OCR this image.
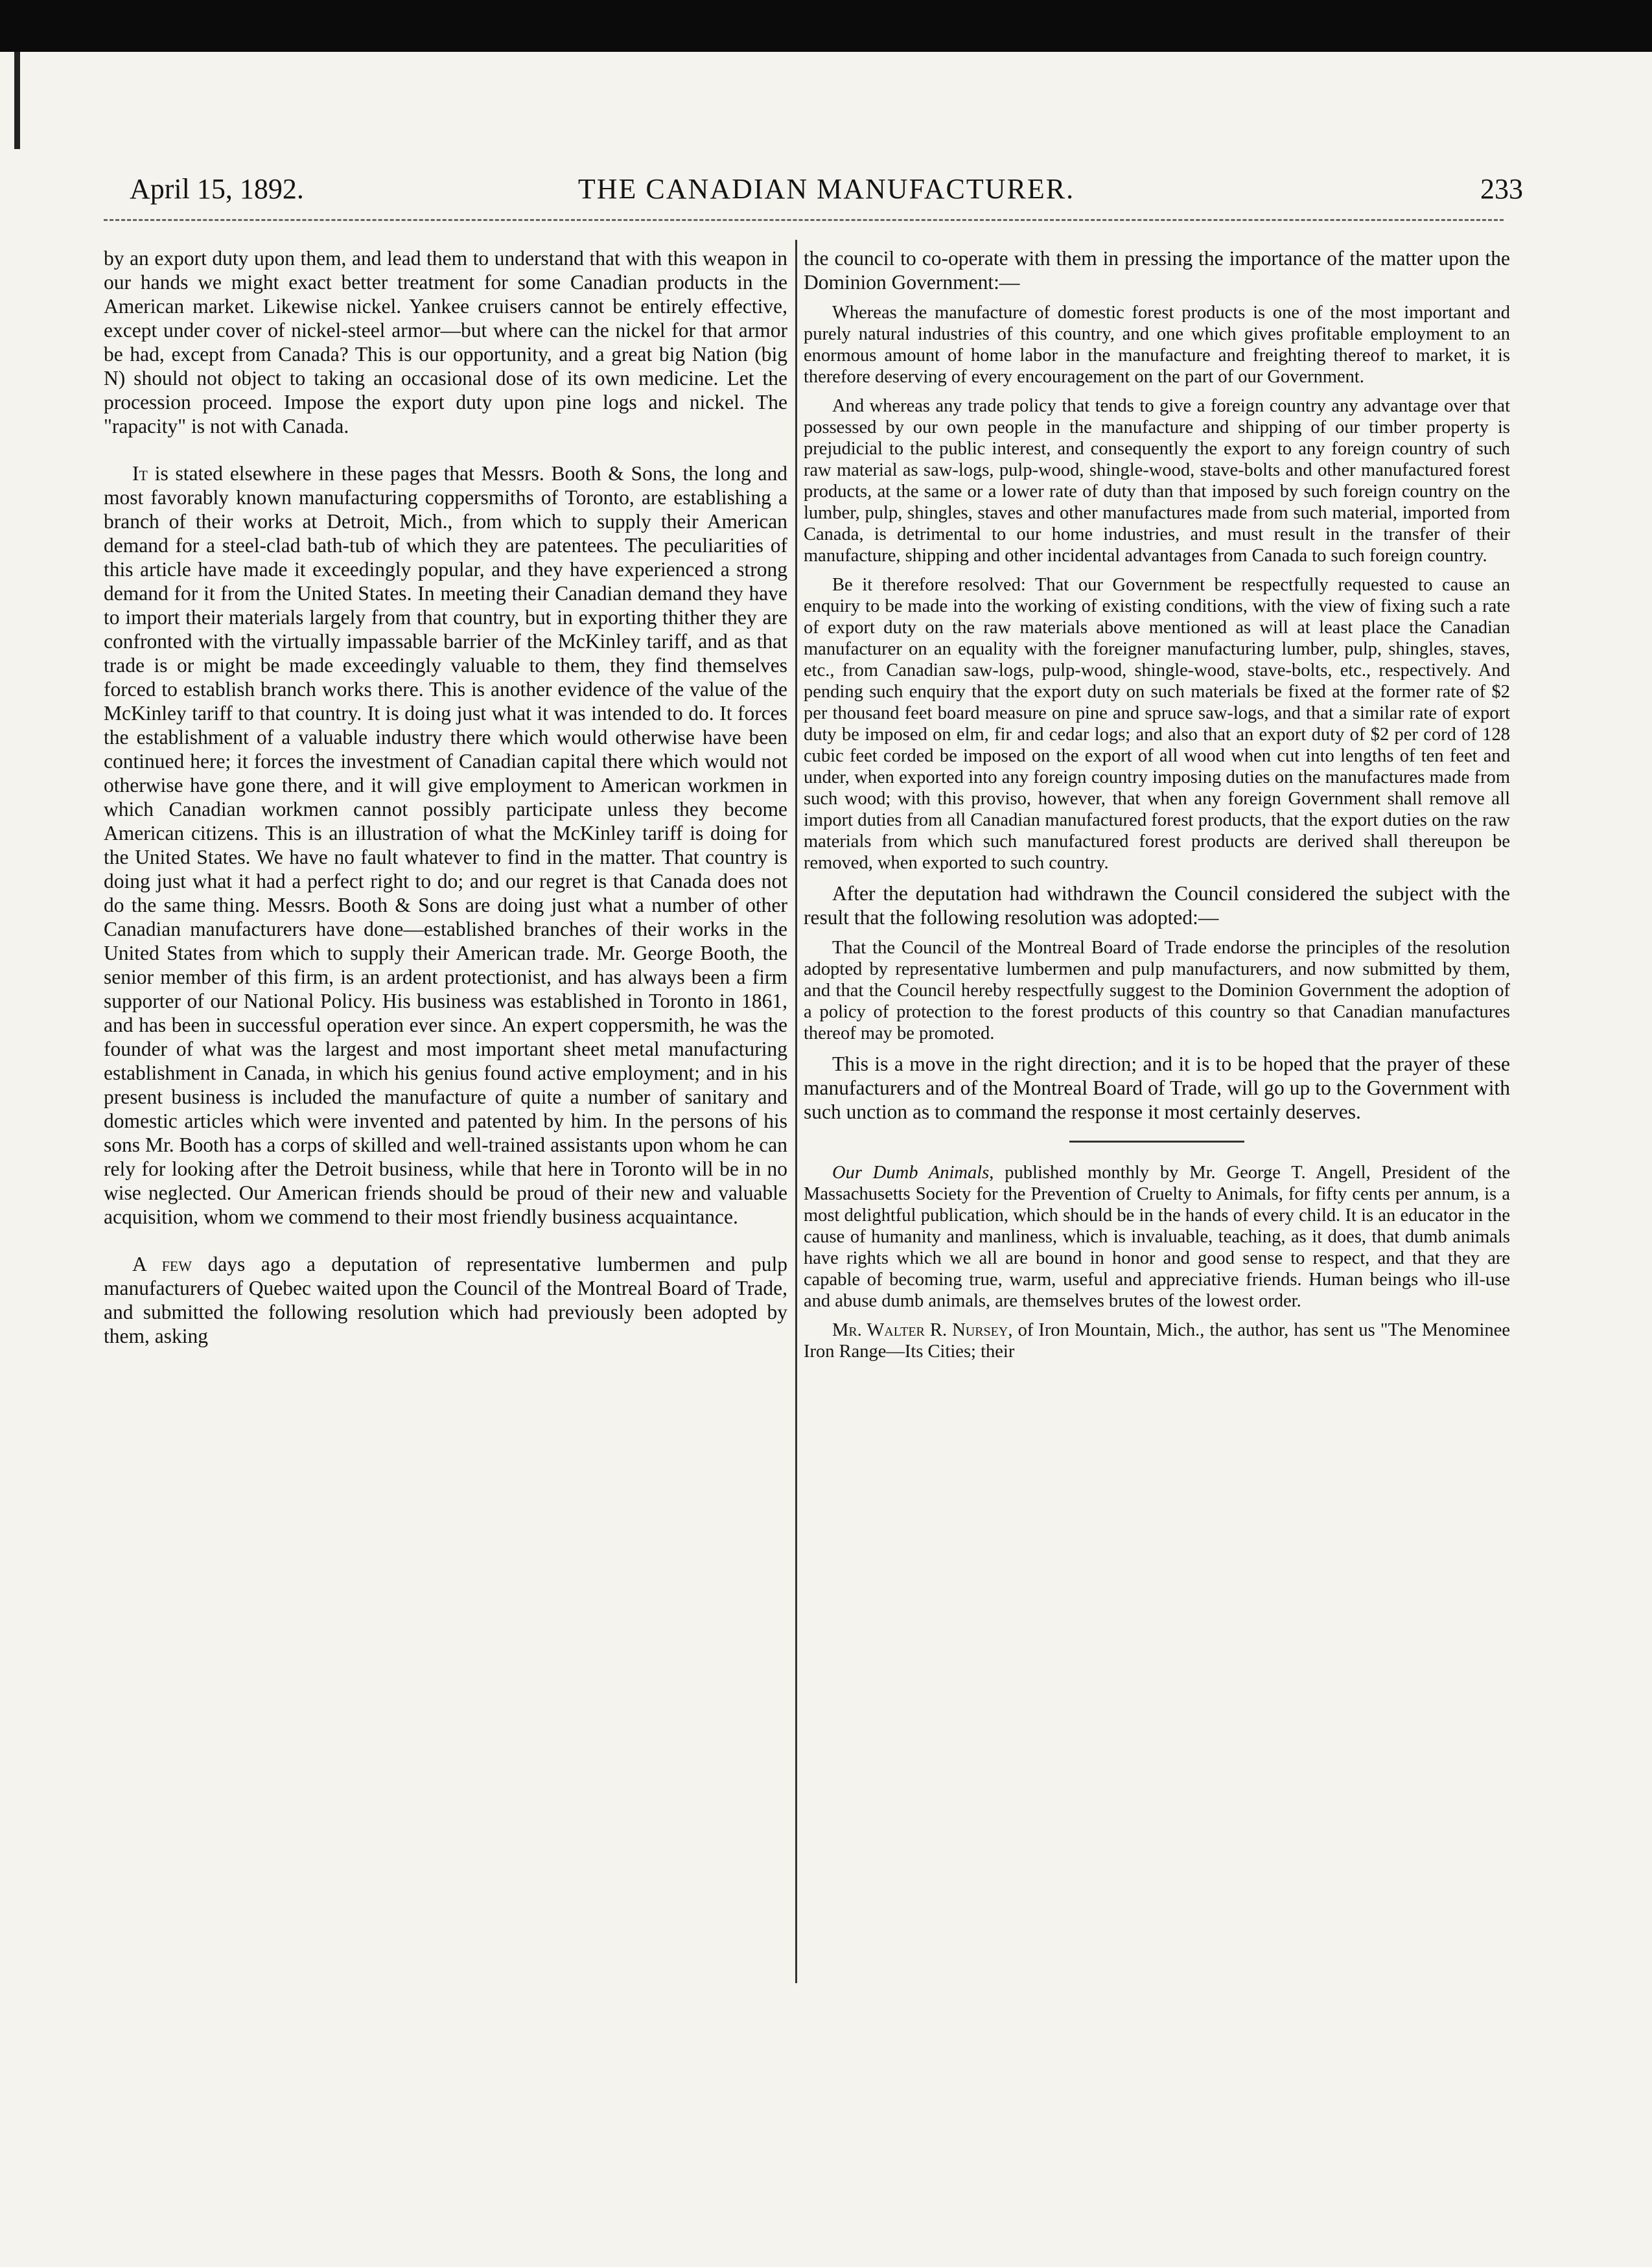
THE CANADIAN MANUFACTURER.
April 15, 1892.	233

by an export duty upon them, and lead them to understand that with this weapon in our hands we might exact better treatment for some Canadian products in the American market. Likewise nickel. Yankee cruisers cannot be entirely effective, except under cover of nickel-steel armor—but where can the nickel for that armor be had, except from Canada? This is our opportunity, and a great big Nation (big N) should not object to taking an occasional dose of its own medicine. Let the procession proceed. Impose the export duty upon pine logs and nickel. The "rapacity" is not with Canada.

It is stated elsewhere in these pages that Messrs. Booth & Sons, the long and most favorably known manufacturing coppersmiths of Toronto, are establishing a branch of their works at Detroit, Mich., from which to supply their American demand for a steel-clad bath-tub of which they are patentees. The peculiarities of this article have made it exceedingly popular, and they have experienced a strong demand for it from the United States. In meeting their Canadian demand they have to import their materials largely from that country, but in exporting thither they are confronted with the virtually impassable barrier of the McKinley tariff, and as that trade is or might be made exceedingly valuable to them, they find themselves forced to establish branch works there. This is another evidence of the value of the McKinley tariff to that country. It is doing just what it was intended to do. It forces the establishment of a valuable industry there which would otherwise have been continued here; it forces the investment of Canadian capital there which would not otherwise have gone there, and it will give employment to American workmen in which Canadian workmen cannot possibly participate unless they become American citizens. This is an illustration of what the McKinley tariff is doing for the United States. We have no fault whatever to find in the matter. That country is doing just what it had a perfect right to do; and our regret is that Canada does not do the same thing. Messrs. Booth & Sons are doing just what a number of other Canadian manufacturers have done—established branches of their works in the United States from which to supply their American trade. Mr. George Booth, the senior member of this firm, is an ardent protectionist, and has always been a firm supporter of our National Policy. His business was established in Toronto in 1861, and has been in successful operation ever since. An expert coppersmith, he was the founder of what was the largest and most important sheet metal manufacturing establishment in Canada, in which his genius found active employment; and in his present business is included the manufacture of quite a number of sanitary and domestic articles which were invented and patented by him. In the persons of his sons Mr. Booth has a corps of skilled and well-trained assistants upon whom he can rely for looking after the Detroit business, while that here in Toronto will be in no wise neglected. Our American friends should be proud of their new and valuable acquisition, whom we commend to their most friendly business acquaintance.

A few days ago a deputation of representative lumbermen and pulp manufacturers of Quebec waited upon the Council of the Montreal Board of Trade, and submitted the following resolution which had previously been adopted by them, asking

the council to co-operate with them in pressing the importance of the matter upon the Dominion Government:—

Whereas the manufacture of domestic forest products is one of the most important and purely natural industries of this country, and one which gives profitable employment to an enormous amount of home labor in the manufacture and freighting thereof to market, it is therefore deserving of every encouragement on the part of our Government.

And whereas any trade policy that tends to give a foreign country any advantage over that possessed by our own people in the manufacture and shipping of our timber property is prejudicial to the public interest, and consequently the export to any foreign country of such raw material as saw-logs, pulp-wood, shingle-wood, stave-bolts and other manufactured forest products, at the same or a lower rate of duty than that imposed by such foreign country on the lumber, pulp, shingles, staves and other manufactures made from such material, imported from Canada, is detrimental to our home industries, and must result in the transfer of their manufacture, shipping and other incidental advantages from Canada to such foreign country.

Be it therefore resolved: That our Government be respectfully requested to cause an enquiry to be made into the working of existing conditions, with the view of fixing such a rate of export duty on the raw materials above mentioned as will at least place the Canadian manufacturer on an equality with the foreigner manufacturing lumber, pulp, shingles, staves, etc., from Canadian saw-logs, pulp-wood, shingle-wood, stave-bolts, etc., respectively. And pending such enquiry that the export duty on such materials be fixed at the former rate of $2 per thousand feet board measure on pine and spruce saw-logs, and that a similar rate of export duty be imposed on elm, fir and cedar logs; and also that an export duty of $2 per cord of 128 cubic feet corded be imposed on the export of all wood when cut into lengths of ten feet and under, when exported into any foreign country imposing duties on the manufactures made from such wood; with this proviso, however, that when any foreign Government shall remove all import duties from all Canadian manufactured forest products, that the export duties on the raw materials from which such manufactured forest products are derived shall thereupon be removed, when exported to such country.

After the deputation had withdrawn the Council considered the subject with the result that the following resolution was adopted:—

That the Council of the Montreal Board of Trade endorse the principles of the resolution adopted by representative lumbermen and pulp manufacturers, and now submitted by them, and that the Council hereby respectfully suggest to the Dominion Government the adoption of a policy of protection to the forest products of this country so that Canadian manufactures thereof may be promoted.

This is a move in the right direction; and it is to be hoped that the prayer of these manufacturers and of the Montreal Board of Trade, will go up to the Government with such unction as to command the response it most certainly deserves.

Our Dumb Animals, published monthly by Mr. George T. Angell, President of the Massachusetts Society for the Prevention of Cruelty to Animals, for fifty cents per annum, is a most delightful publication, which should be in the hands of every child. It is an educator in the cause of humanity and manliness, which is invaluable, teaching, as it does, that dumb animals have rights which we all are bound in honor and good sense to respect, and that they are capable of becoming true, warm, useful and appreciative friends. Human beings who ill-use and abuse dumb animals, are themselves brutes of the lowest order.

Mr. Walter R. Nursey, of Iron Mountain, Mich., the author, has sent us "The Menominee Iron Range—Its Cities; their
